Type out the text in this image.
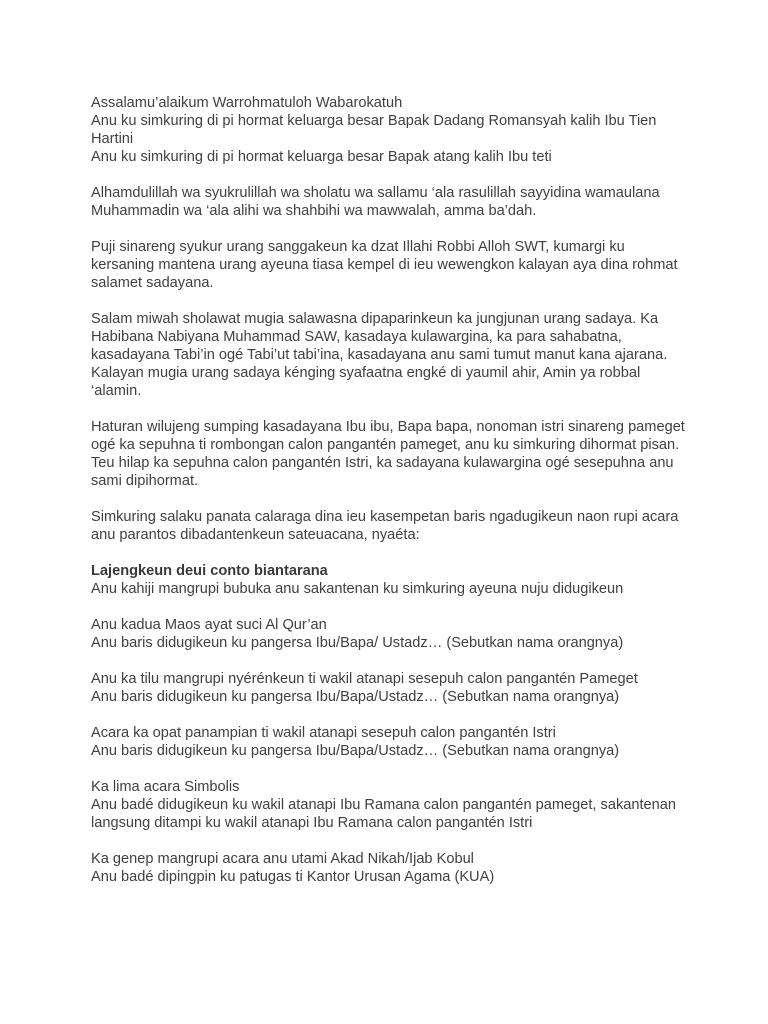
Assalamu’alaikum Warrohmatuloh Wabarokatuh
Anu ku simkuring di pi hormat keluarga besar Bapak Dadang Romansyah kalih Ibu Tien Hartini
Anu ku simkuring di pi hormat keluarga besar Bapak atang kalih Ibu teti
Alhamdulillah wa syukrulillah wa sholatu wa sallamu ‘ala rasulillah sayyidina wamaulana Muhammadin wa ‘ala alihi wa shahbihi wa mawwalah, amma ba’dah.
Puji sinareng syukur urang sanggakeun ka dzat Illahi Robbi Alloh SWT, kumargi ku kersaning mantena urang ayeuna tiasa kempel di ieu wewengkon kalayan aya dina rohmat salamet sadayana.
Salam miwah sholawat mugia salawasna dipaparinkeun ka jungjunan urang sadaya. Ka Habibana Nabiyana Muhammad SAW, kasadaya kulawargina, ka para sahabatna, kasadayana Tabi’in ogé Tabi’ut tabi’ina, kasadayana anu sami tumut manut kana ajarana. Kalayan mugia urang sadaya kénging syafaatna engké di yaumil ahir, Amin ya robbal ‘alamin.
Haturan wilujeng sumping kasadayana Ibu ibu, Bapa bapa, nonoman istri sinareng pameget ogé ka sepuhna ti rombongan calon pangantén pameget, anu ku simkuring dihormat pisan. Teu hilap ka sepuhna calon pangantén Istri, ka sadayana kulawargina ogé sesepuhna anu sami dipihormat.
Simkuring salaku panata calaraga dina ieu kasempetan baris ngadugikeun naon rupi acara anu parantos dibadantenkeun sateuacana, nyaéta:
Lajengkeun deui conto biantarana
Anu kahiji mangrupi bubuka anu sakantenan ku simkuring ayeuna nuju didugikeun
Anu kadua Maos ayat suci Al Qur’an
Anu baris didugikeun ku pangersa Ibu/Bapa/ Ustadz… (Sebutkan nama orangnya)
Anu ka tilu mangrupi nyérénkeun ti wakil atanapi sesepuh calon pangantén Pameget
Anu baris didugikeun ku pangersa Ibu/Bapa/Ustadz… (Sebutkan nama orangnya)
Acara ka opat panampian ti wakil atanapi sesepuh calon pangantén Istri
Anu baris didugikeun ku pangersa Ibu/Bapa/Ustadz… (Sebutkan nama orangnya)
Ka lima acara Simbolis
Anu badé didugikeun ku wakil atanapi Ibu Ramana calon pangantén pameget, sakantenan langsung ditampi ku wakil atanapi Ibu Ramana calon pangantén Istri
Ka genep mangrupi acara anu utami Akad Nikah/Ijab Kobul
Anu badé dipingpin ku patugas ti Kantor Urusan Agama (KUA)
